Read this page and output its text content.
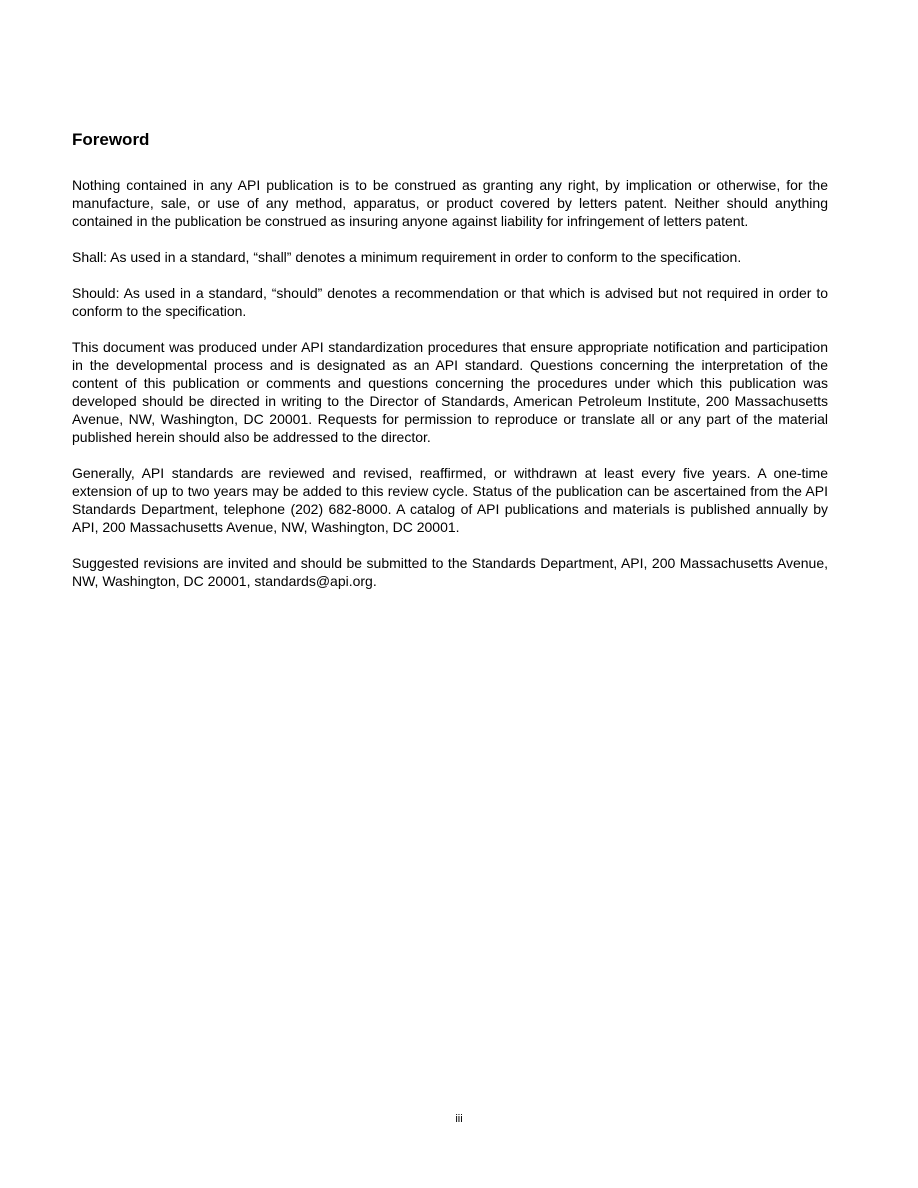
Foreword

Nothing contained in any API publication is to be construed as granting any right, by implication or otherwise, for the manufacture, sale, or use of any method, apparatus, or product covered by letters patent. Neither should anything contained in the publication be construed as insuring anyone against liability for infringement of letters patent.

Shall: As used in a standard, “shall” denotes a minimum requirement in order to conform to the specification.

Should: As used in a standard, “should” denotes a recommendation or that which is advised but not required in order to conform to the specification.

This document was produced under API standardization procedures that ensure appropriate notification and participation in the developmental process and is designated as an API standard. Questions concerning the interpretation of the content of this publication or comments and questions concerning the procedures under which this publication was developed should be directed in writing to the Director of Standards, American Petroleum Institute, 200 Massachusetts Avenue, NW, Washington, DC 20001. Requests for permission to reproduce or translate all or any part of the material published herein should also be addressed to the director.

Generally, API standards are reviewed and revised, reaffirmed, or withdrawn at least every five years. A one-time extension of up to two years may be added to this review cycle. Status of the publication can be ascertained from the API Standards Department, telephone (202) 682-8000. A catalog of API publications and materials is published annually by API, 200 Massachusetts Avenue, NW, Washington, DC 20001.

Suggested revisions are invited and should be submitted to the Standards Department, API, 200 Massachusetts Avenue, NW, Washington, DC 20001, standards@api.org.

iii
